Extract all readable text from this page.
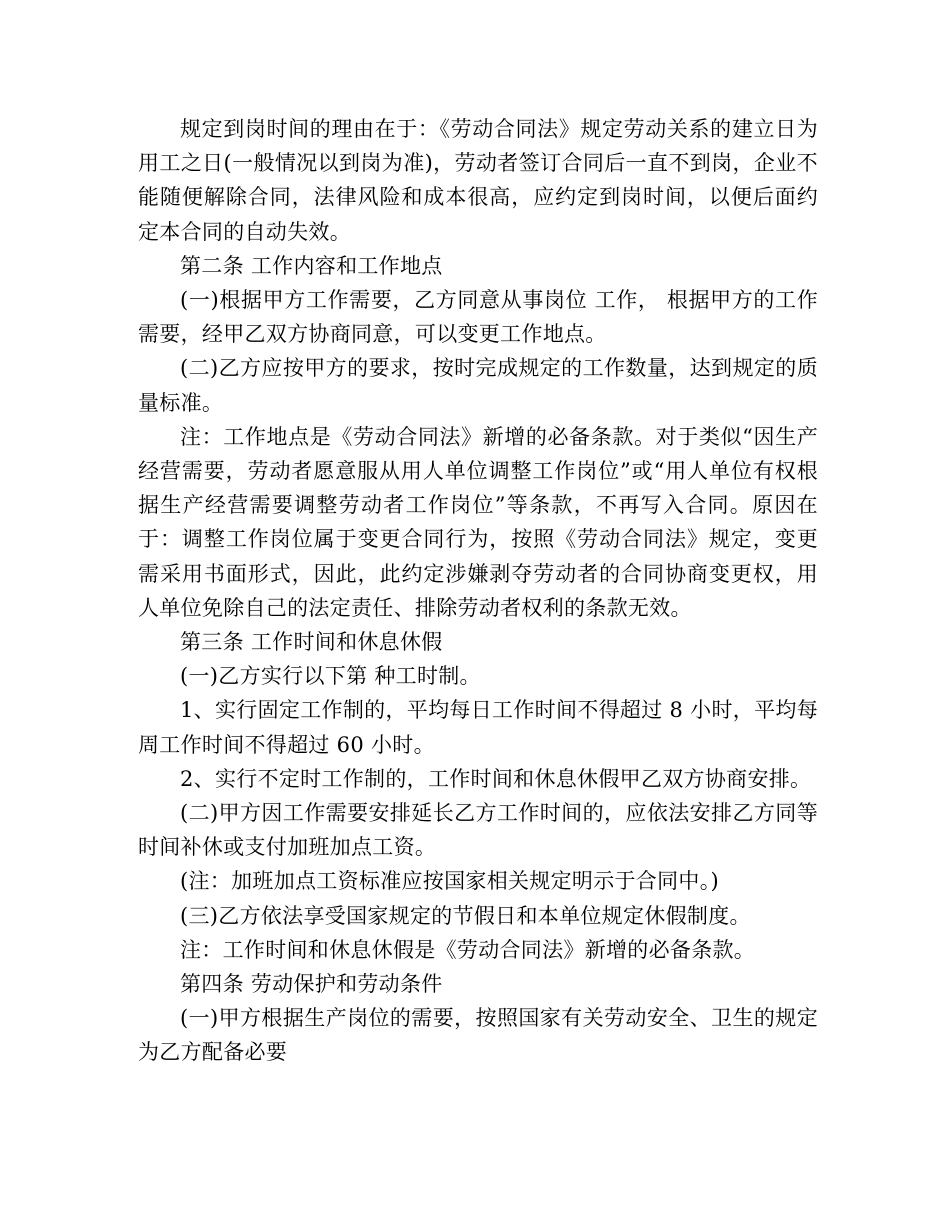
规定到岗时间的理由在于：《劳动合同法》规定劳动关系的建立日为用工之日(一般情况以到岗为准)，劳动者签订合同后一直不到岗，企业不能随便解除合同，法律风险和成本很高，应约定到岗时间，以便后面约定本合同的自动失效。

第二条 工作内容和工作地点

(一)根据甲方工作需要，乙方同意从事岗位 工作， 根据甲方的工作需要，经甲乙双方协商同意，可以变更工作地点。

(二)乙方应按甲方的要求，按时完成规定的工作数量，达到规定的质量标准。

注：工作地点是《劳动合同法》新增的必备条款。对于类似“因生产经营需要，劳动者愿意服从用人单位调整工作岗位”或“用人单位有权根据生产经营需要调整劳动者工作岗位”等条款，不再写入合同。原因在于：调整工作岗位属于变更合同行为，按照《劳动合同法》规定，变更需采用书面形式，因此，此约定涉嫌剥夺劳动者的合同协商变更权，用人单位免除自己的法定责任、排除劳动者权利的条款无效。

第三条 工作时间和休息休假

(一)乙方实行以下第 种工时制。

1、实行固定工作制的，平均每日工作时间不得超过 8 小时，平均每周工作时间不得超过 60 小时。

2、实行不定时工作制的，工作时间和休息休假甲乙双方协商安排。

(二)甲方因工作需要安排延长乙方工作时间的，应依法安排乙方同等时间补休或支付加班加点工资。

(注：加班加点工资标准应按国家相关规定明示于合同中。)

(三)乙方依法享受国家规定的节假日和本单位规定休假制度。

注：工作时间和休息休假是《劳动合同法》新增的必备条款。

第四条 劳动保护和劳动条件

(一)甲方根据生产岗位的需要，按照国家有关劳动安全、卫生的规定为乙方配备必要
